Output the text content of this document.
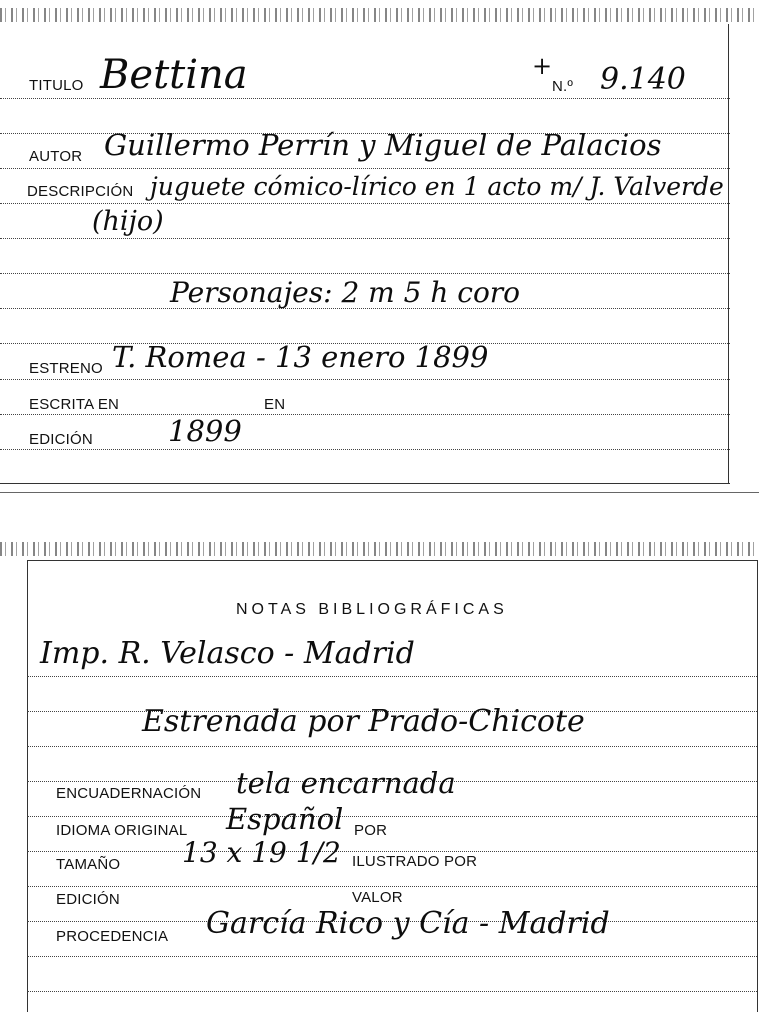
TITULO Bettina	+
N.º 9.140
AUTOR Guillermo Perrín y Miguel de Palacios
DESCRIPCIÓN juguete cómico-lírico en 1 acto m/ J. Valverde
(hijo)
Personajes: 2 m 5 h coro
ESTRENO T. Romea - 13 enero 1899
ESCRITA EN	EN
EDICIÓN	1899
NOTAS BIBLIOGRÁFICAS
Imp. R. Velasco - Madrid
Estrenada por Prado-Chicote
ENCUADERNACIÓN tela encarnada
IDIOMA ORIGINAL Español POR
TAMAÑO 13 x 19 1/2 ILUSTRADO POR
EDICIÓN	VALOR
PROCEDENCIA García Rico y Cía - Madrid
